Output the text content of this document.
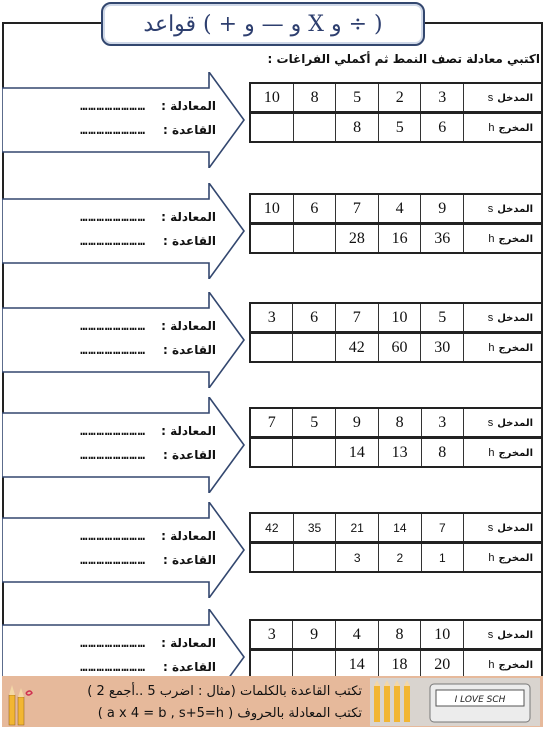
قواعد ( + و — و X و ÷ )
اكتبي معادلة تصف النمط ثم أكملي الفراغات :
المعادلة :
……………………
القاعدة :
……………………
10	8	5	2	3	المدخلs
		8	5	6	المخرجh
المعادلة :
……………………
القاعدة :
……………………
10	6	7	4	9	المدخلs
		28	16	36	المخرجh
المعادلة :
……………………
القاعدة :
……………………
3	6	7	10	5	المدخلs
		42	60	30	المخرجh
المعادلة :
……………………
القاعدة :
……………………
7	5	9	8	3	المدخلs
		14	13	8	المخرجh
المعادلة :
……………………
القاعدة :
……………………
42	35	21	14	7	المدخلs
		3	2	1	المخرجh
المعادلة :
……………………
القاعدة :
……………………
3	9	4	8	10	المدخلs
		14	18	20	المخرجh
تكتب القاعدة بالكلمات (مثال : اضرب 5 ..أجمع 2 )
تكتب المعادلة بالحروف ( a x 4 = b , s+5=h )
I LOVE SCH
